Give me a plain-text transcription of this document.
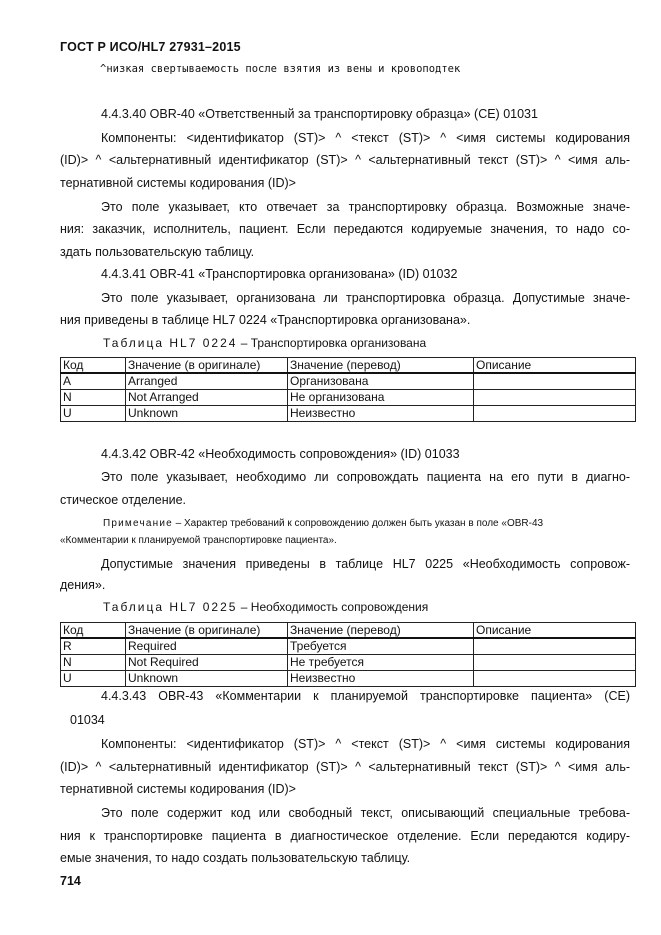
ГОСТ Р ИСО/HL7 27931–2015
^низкая свертываемость после взятия из вены и кровоподтек
4.4.3.40 OBR-40 «Ответственный за транспортировку образца» (CE) 01031
Компоненты: <идентификатор (ST)> ^ <текст (ST)> ^ <имя системы кодирования
(ID)> ^ <альтернативный идентификатор (ST)> ^ <альтернативный текст (ST)> ^ <имя аль-
тернативной системы кодирования (ID)>
Это поле указывает, кто отвечает за транспортировку образца. Возможные значе-
ния: заказчик, исполнитель, пациент. Если передаются кодируемые значения, то надо со-
здать пользовательскую таблицу.
4.4.3.41 OBR-41 «Транспортировка организована» (ID) 01032
Это поле указывает, организована ли транспортировка образца. Допустимые значе-
ния приведены в таблице HL7 0224 «Транспортировка организована».
Таблица HL7 0224 – Транспортировка организована
Код	Значение (в оригинале)	Значение (перевод)	Описание
A	Arranged	Организована	
N	Not Arranged	Не организована	
U	Unknown	Неизвестно	
4.4.3.42 OBR-42 «Необходимость сопровождения» (ID) 01033
Это поле указывает, необходимо ли сопровождать пациента на его пути в диагно-
стическое отделение.
Примечание – Характер требований к сопровождению должен быть указан в поле «OBR-43
«Комментарии к планируемой транспортировке пациента».
Допустимые значения приведены в таблице HL7 0225 «Необходимость сопровож-
дения».
Таблица HL7 0225 – Необходимость сопровождения
Код	Значение (в оригинале)	Значение (перевод)	Описание
R	Required	Требуется	
N	Not Required	Не требуется	
U	Unknown	Неизвестно	
4.4.3.43 OBR-43 «Комментарии к планируемой транспортировке пациента» (CE)
01034
Компоненты: <идентификатор (ST)> ^ <текст (ST)> ^ <имя системы кодирования
(ID)> ^ <альтернативный идентификатор (ST)> ^ <альтернативный текст (ST)> ^ <имя аль-
тернативной системы кодирования (ID)>
Это поле содержит код или свободный текст, описывающий специальные требова-
ния к транспортировке пациента в диагностическое отделение. Если передаются кодиру-
емые значения, то надо создать пользовательскую таблицу.
714
